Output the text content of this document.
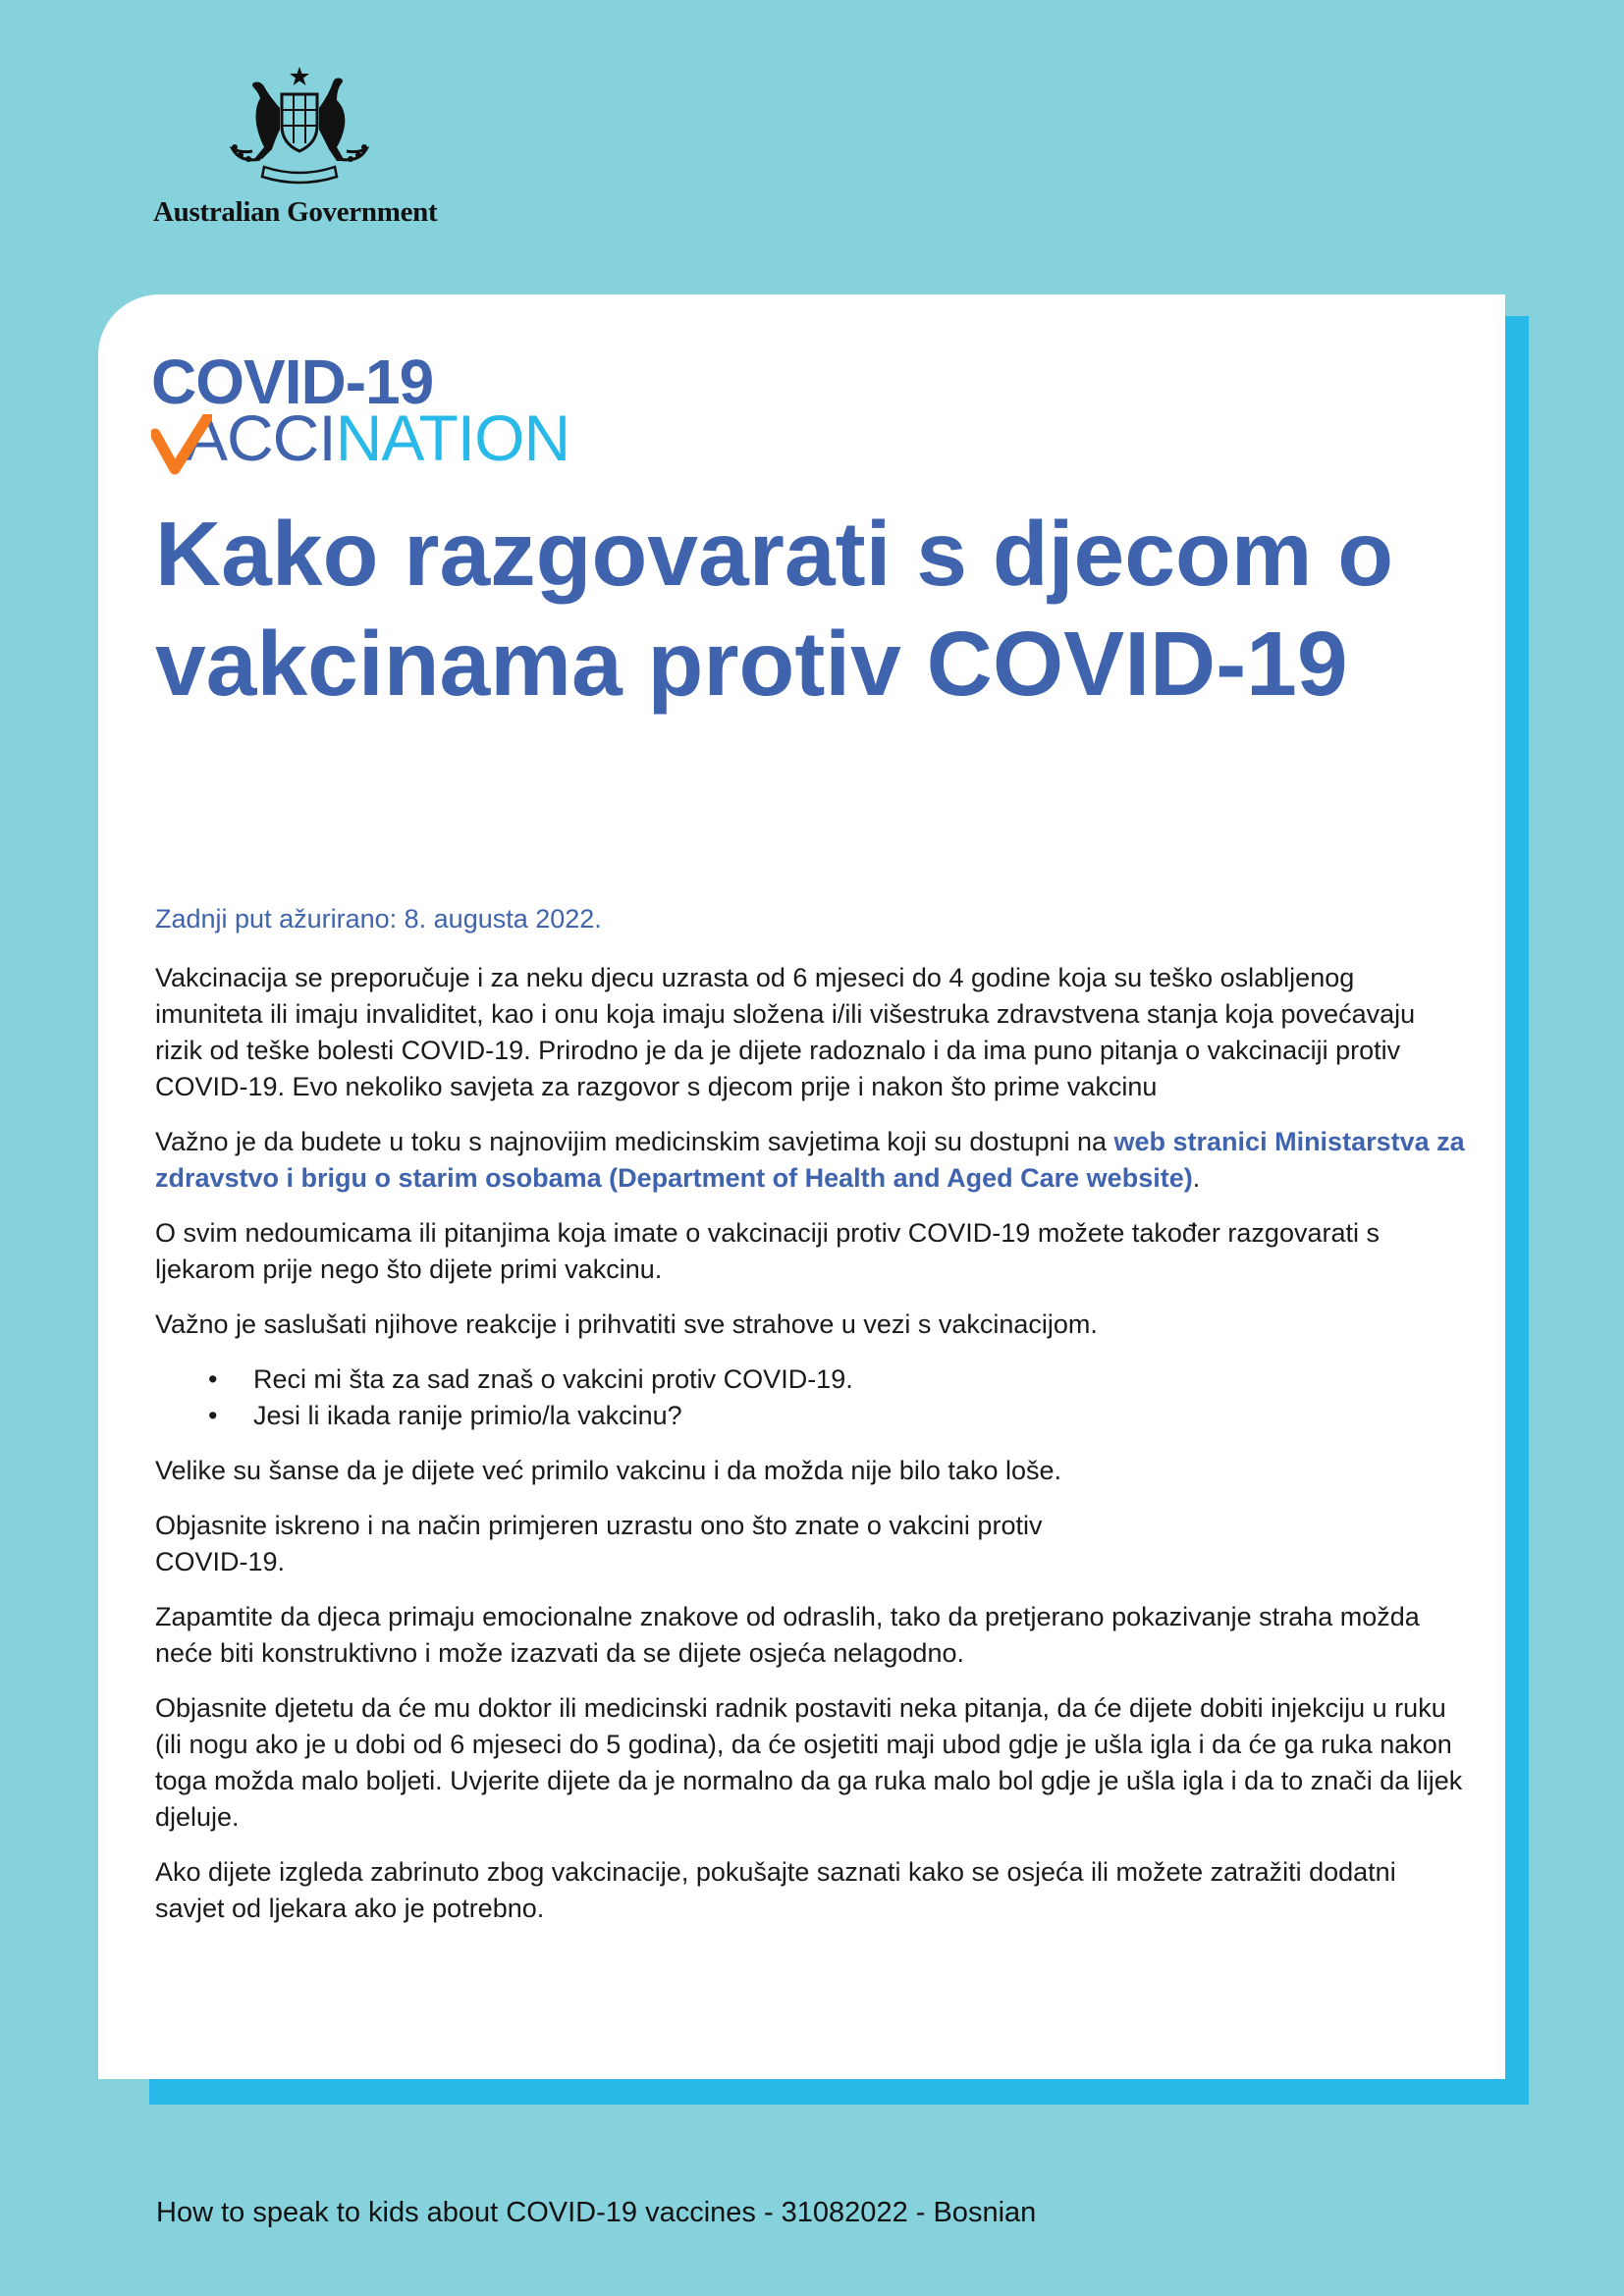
Australian Government
COVID-19
ACCINATION
Kako razgovarati s djecom o vakcinama protiv COVID-19

Zadnji put ažurirano: 8. augusta 2022.

Vakcinacija se preporučuje i za neku djecu uzrasta od 6 mjeseci do 4 godine koja su teško oslabljenog imuniteta ili imaju invaliditet, kao i onu koja imaju složena i/ili višestruka zdravstvena stanja koja povećavaju rizik od teške bolesti COVID-19. Prirodno je da je dijete radoznalo i da ima puno pitanja o vakcinaciji protiv COVID-19. Evo nekoliko savjeta za razgovor s djecom prije i nakon što prime vakcinu

Važno je da budete u toku s najnovijim medicinskim savjetima koji su dostupni na web stranici Ministarstva za zdravstvo i brigu o starim osobama (Department of Health and Aged Care website).

O svim nedoumicama ili pitanjima koja imate o vakcinaciji protiv COVID-19 možete također razgovarati s ljekarom prije nego što dijete primi vakcinu.

Važno je saslušati njihove reakcije i prihvatiti sve strahove u vezi s vakcinacijom.

• Reci mi šta za sad znaš o vakcini protiv COVID-19.
• Jesi li ikada ranije primio/la vakcinu?

Velike su šanse da je dijete već primilo vakcinu i da možda nije bilo tako loše.

Objasnite iskreno i na način primjeren uzrastu ono što znate o vakcini protiv
COVID-19.

Zapamtite da djeca primaju emocionalne znakove od odraslih, tako da pretjerano pokazivanje straha možda neće biti konstruktivno i može izazvati da se dijete osjeća nelagodno.

Objasnite djetetu da će mu doktor ili medicinski radnik postaviti neka pitanja, da će dijete dobiti injekciju u ruku (ili nogu ako je u dobi od 6 mjeseci do 5 godina), da će osjetiti maji ubod gdje je ušla igla i da će ga ruka nakon toga možda malo boljeti. Uvjerite dijete da je normalno da ga ruka malo bol gdje je ušla igla i da to znači da lijek djeluje.

Ako dijete izgleda zabrinuto zbog vakcinacije, pokušajte saznati kako se osjeća ili možete zatražiti dodatni savjet od ljekara ako je potrebno.

How to speak to kids about COVID-19 vaccines - 31082022 - Bosnian
